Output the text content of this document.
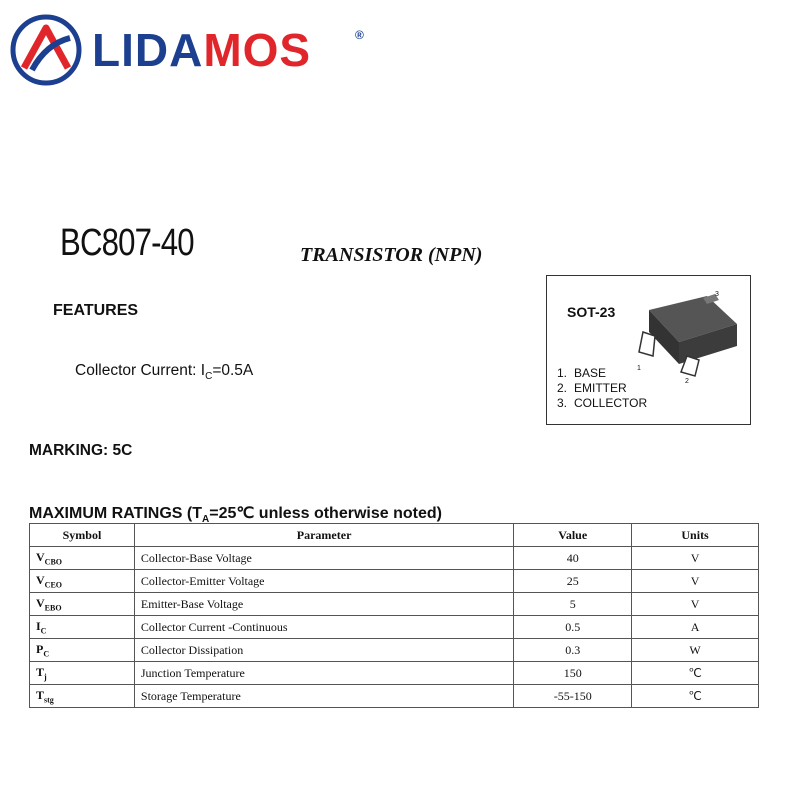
LIDAMOS	®
BC807-40	TRANSISTOR (NPN)
FEATURES
Collector Current: $I_C=0.5A$
SOT-23
1
2
3
1. BASE
2. EMITTER
3. COLLECTOR
MARKING: 5C
MAXIMUM RATINGS ($T_A=25℃$ unless otherwise noted)
Symbol	Parameter	Value	Units
$V_{CBO}$	Collector-Base Voltage	40	V
$V_{CEO}$	Collector-Emitter Voltage	25	V
$V_{EBO}$	Emitter-Base Voltage	5	V
$I_C$	Collector Current -Continuous	0.5	A
$P_C$	Collector Dissipation	0.3	W
$T_j$	Junction Temperature	150	℃
$T_{stg}$	Storage Temperature	-55-150	℃
